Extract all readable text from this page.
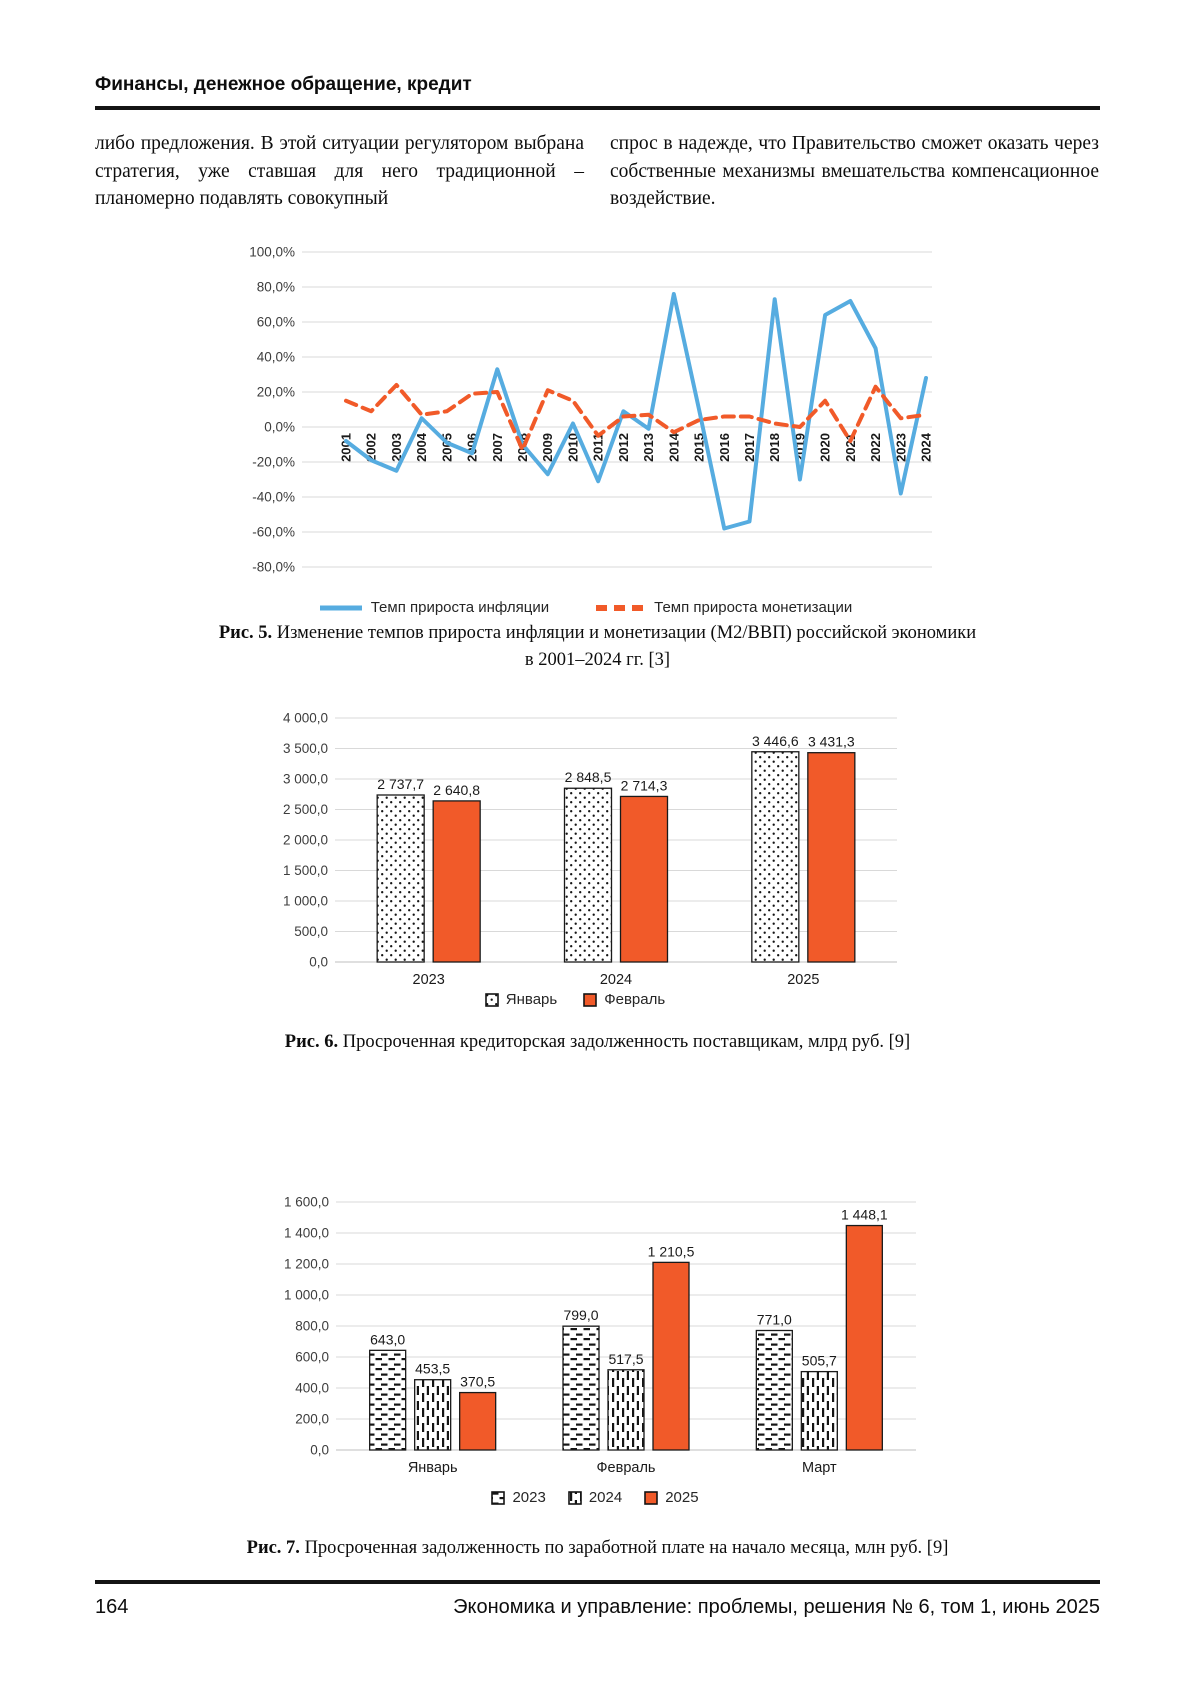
Финансы, денежное обращение, кредит
либо предложения. В этой ситуации регулятором выбрана стратегия, уже ставшая для него традиционной – планомерно подавлять совокупный
спрос в надежде, что Правительство сможет оказать через собственные механизмы вмешательства компенсационное воздействие.
100,0%
80,0%
60,0%
40,0%
20,0%
0,0%
-20,0%
-40,0%
-60,0%
-80,0%
2001 2002 2003 2004 2005 2006 2007 2008 2009 2010 2011 2012 2013 2014 2015 2016 2017 2018 2019 2020 2021 2022 2023 2024
Темп прироста инфляции	Темп прироста монетизации
Рис. 5. Изменение темпов прироста инфляции и монетизации (М2/ВВП) российской экономики
в 2001–2024 гг. [3]
4 000,0
3 500,0
3 000,0
2 500,0
2 000,0
1 500,0
1 000,0
500,0
0,0
2023
2 737,7 2 640,8
2024
2 848,5
2 714,3
2025
3 446,6 3 431,3
Январь	Февраль
Рис. 6. Просроченная кредиторская задолженность поставщикам, млрд руб. [9]
1 600,0
1 400,0
1 200,0
1 000,0
800,0
600,0
400,0
200,0
0,0
Январь
643,0
453,5
370,5
Февраль
799,0
517,5
1 210,5
Март
771,0
505,7
1 448,1
2023	2024	2025
Рис. 7. Просроченная задолженность по заработной плате на начало месяца, млн руб. [9]
164	Экономика и управление: проблемы, решения № 6, том 1, июнь 2025
